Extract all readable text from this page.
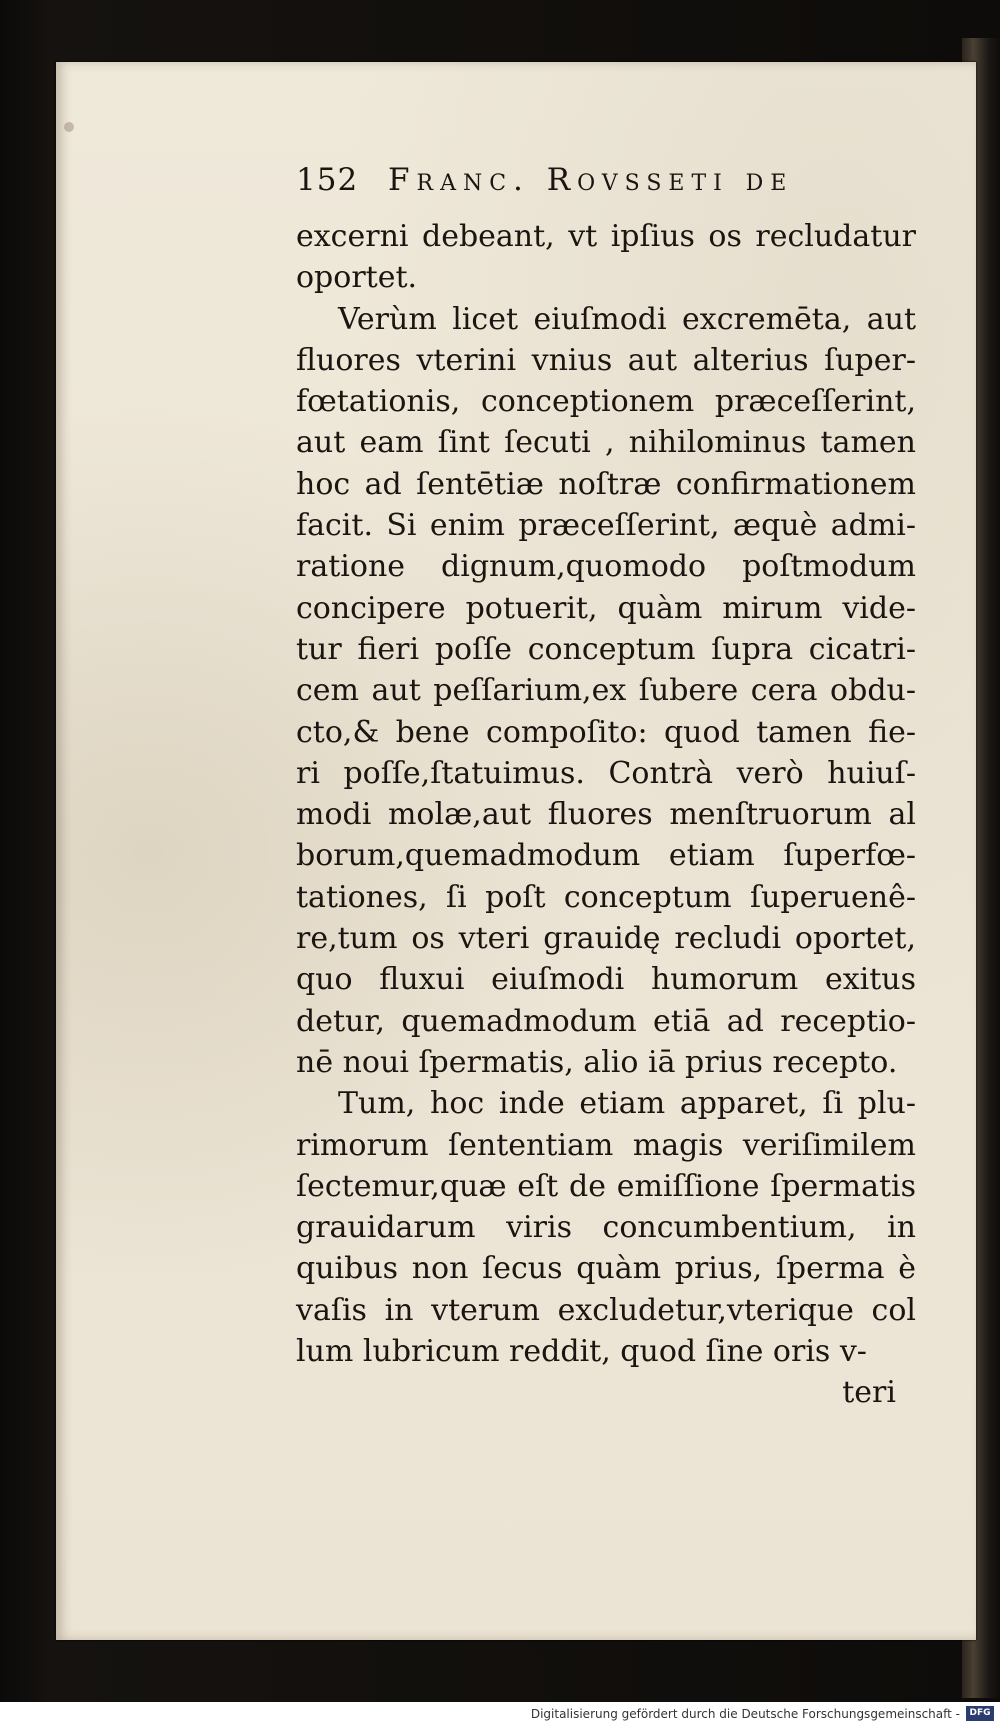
152 Franc. Rovsseti de
excerni debeant, vt ipſius os recludatur
oportet.
Verùm licet eiuſmodi excremēta, aut
fluores vterini vnius aut alterius ſuper-
fœtationis, conceptionem præceſſerint,
aut eam ſint ſecuti , nihilominus tamen
hoc ad ſentētiæ noſtræ confirmationem
facit. Si enim præceſſerint, æquè admi-
ratione dignum,quomodo poſtmodum
concipere potuerit, quàm mirum vide-
tur fieri poſſe conceptum ſupra cicatri-
cem aut peſſarium,ex ſubere cera obdu-
cto,& bene compoſito: quod tamen fie-
ri poſſe,ſtatuimus. Contrà verò huiuſ-
modi molæ,aut fluores menſtruorum al
borum,quemadmodum etiam ſuperfœ-
tationes, ſi poſt conceptum ſuperuenê-
re,tum os vteri grauidę recludi oportet,
quo fluxui eiuſmodi humorum exitus
detur, quemadmodum etiā ad receptio-
nē noui ſpermatis, alio iā prius recepto.
Tum, hoc inde etiam apparet, ſi plu-
rimorum ſententiam magis veriſimilem
ſectemur,quæ eſt de emiſſione ſpermatis
grauidarum viris concumbentium, in
quibus non ſecus quàm prius, ſperma è
vaſis in vterum excludetur,vterique col
lum lubricum reddit, quod ſine oris v-
teri
Digitalisierung gefördert durch die Deutsche Forschungsgemeinschaft -	DFG
